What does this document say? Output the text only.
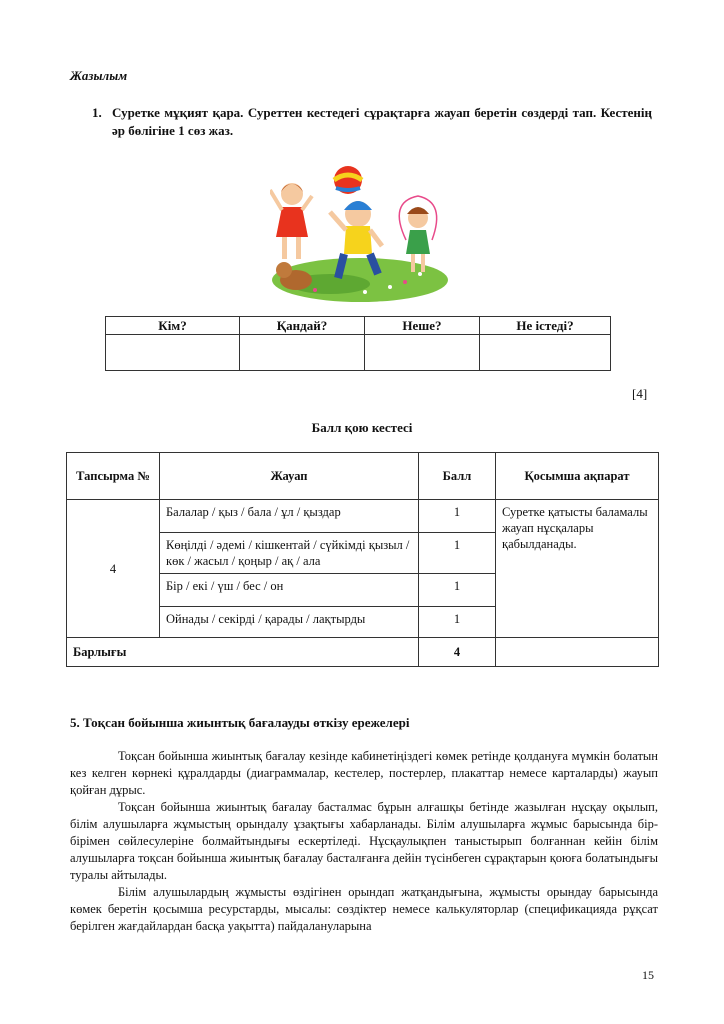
Жазылым
1. Суретке мұқият қара. Суреттен кестедегі сұрақтарға жауап беретін сөздерді тап. Кестенің әр бөлігіне 1 сөз жаз.
Кім?	Қандай?	Неше?	Не істеді?

[4]
Балл қою кестесі
Тапсырма №	Жауап	Балл	Қосымша ақпарат
4	Балалар / қыз / бала / ұл / қыздар	1	Суретке қатысты баламалы жауап нұсқалары қабылданады.
	Көңілді / әдемі / кішкентай / сүйкімді қызыл / көк / жасыл / қоңыр / ақ / ала	1	
	Бір / екі / үш / бес / он	1	
	Ойнады / секірді / қарады / лақтырды	1	
Барлығы		4	
5. Тоқсан бойынша жиынтық бағалауды өткізу ережелері
Тоқсан бойынша жиынтық бағалау кезінде кабинетіңіздегі көмек ретінде қолдануға мүмкін болатын кез келген көрнекі құралдарды (диаграммалар, кестелер, постерлер, плакаттар немесе карталарды) жауып қойған дұрыс.
Тоқсан бойынша жиынтық бағалау басталмас бұрын алғашқы бетінде жазылған нұсқау оқылып, білім алушыларға жұмыстың орындалу ұзақтығы хабарланады. Білім алушыларға жұмыс барысында бір-бірімен сөйлесулеріне болмайтындығы ескертіледі. Нұсқаулықпен таныстырып болғаннан кейін білім алушыларға тоқсан бойынша жиынтық бағалау басталғанға дейін түсінбеген сұрақтарын қоюға болатындығы туралы айтылады.
Білім алушылардың жұмысты өздігінен орындап жатқандығына, жұмысты орындау барысында көмек беретін қосымша ресурстарды, мысалы: сөздіктер немесе калькуляторлар (спецификацияда рұқсат берілген жағдайлардан басқа уақытта) пайдалануларына
15
